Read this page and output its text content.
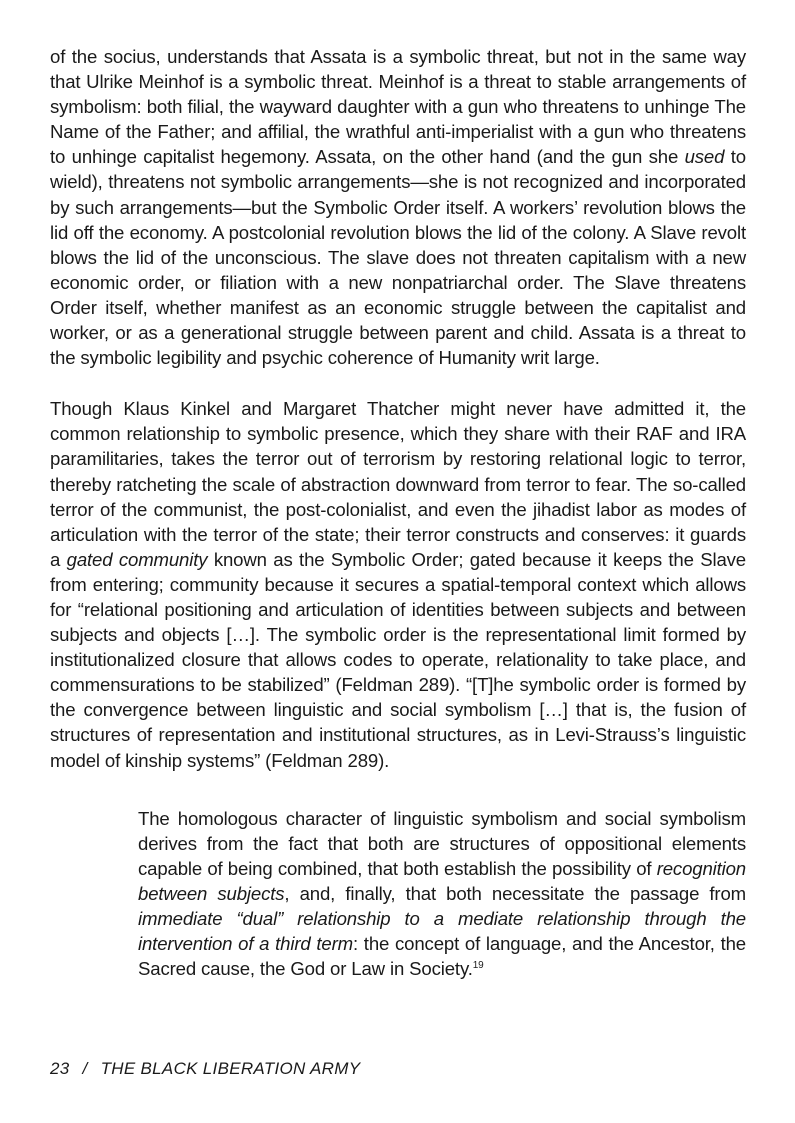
of the socius, understands that Assata is a symbolic threat, but not in the same way that Ulrike Meinhof is a symbolic threat. Meinhof is a threat to stable arrangements of symbolism: both filial, the wayward daughter with a gun who threatens to unhinge The Name of the Father; and affilial, the wrathful anti-imperialist with a gun who threatens to unhinge capitalist hegemony. Assata, on the other hand (and the gun she used to wield), threatens not symbolic arrangements—she is not recognized and incorporated by such arrangements—but the Symbolic Order itself. A workers’ revolution blows the lid off the economy. A postcolonial revolution blows the lid of the colony. A Slave revolt blows the lid of the unconscious. The slave does not threaten capitalism with a new economic order, or filiation with a new nonpatriarchal order. The Slave threatens Order itself, whether manifest as an economic struggle between the capitalist and worker, or as a generational struggle between parent and child. Assata is a threat to the symbolic legibility and psychic coherence of Humanity writ large.

Though Klaus Kinkel and Margaret Thatcher might never have admitted it, the common relationship to symbolic presence, which they share with their RAF and IRA paramilitaries, takes the terror out of terrorism by restoring relational logic to terror, thereby ratcheting the scale of abstraction downward from terror to fear. The so-called terror of the communist, the post-colonialist, and even the jihadist labor as modes of articulation with the terror of the state; their terror constructs and conserves: it guards a gated community known as the Symbolic Order; gated because it keeps the Slave from entering; community because it secures a spatial-temporal context which allows for “relational positioning and articulation of identities between subjects and between subjects and objects […]. The symbolic order is the representational limit formed by institutionalized closure that allows codes to operate, relationality to take place, and commensurations to be stabilized” (Feldman 289). “[T]he symbolic order is formed by the convergence between linguistic and social symbolism […] that is, the fusion of structures of representation and institutional structures, as in Levi-Strauss’s linguistic model of kinship systems” (Feldman 289).

The homologous character of linguistic symbolism and social symbolism derives from the fact that both are structures of oppositional elements capable of being combined, that both establish the possibility of recognition between subjects, and, finally, that both necessitate the passage from immediate “dual” relationship to a mediate relationship through the intervention of a third term: the concept of language, and the Ancestor, the Sacred cause, the God or Law in Society.$^{19}$

23 / THE BLACK LIBERATION ARMY
